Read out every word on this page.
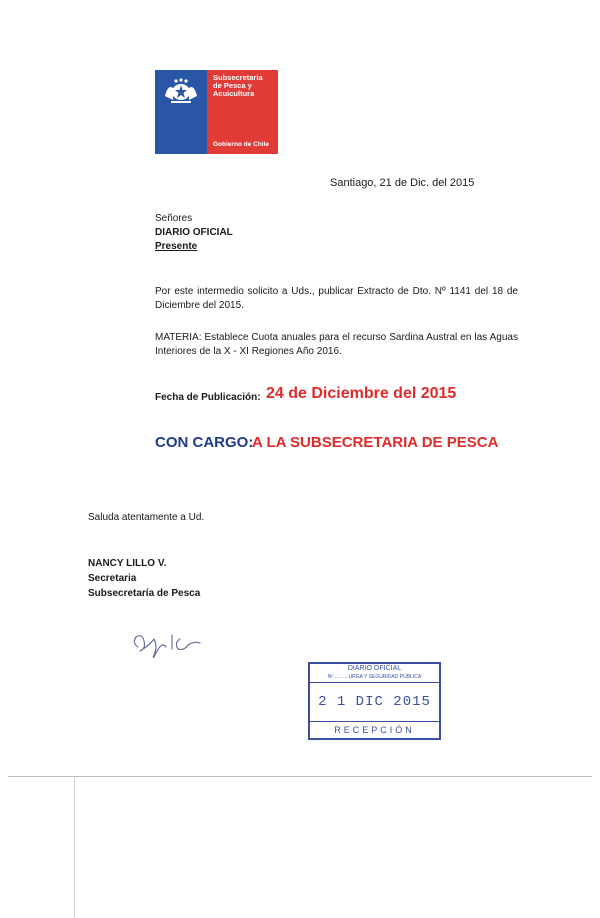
Subsecretaría
de Pesca y
Acuicultura
Gobierno de Chile
Santiago, 21 de Dic. del 2015
Señores
DIARIO OFICIAL
Presente
Por este intermedio solicito a Uds., publicar Extracto de Dto. Nº 1141 del 18 de Diciembre del 2015.
MATERIA: Establece Cuota anuales para el recurso Sardina Austral en las Aguas Interiores de la X - XI Regiones Año 2016.
Fecha de Publicación: 24 de Diciembre del 2015
CON CARGO:
A LA SUBSECRETARIA DE PESCA
Saluda atentamente a Ud.
NANCY LILLO V.
Secretaria
Subsecretaría de Pesca
DIARIO OFICIAL
Nº ...... ...URGA Y SEGURIDAD PÚBLICA
2 1 DIC 2015
RECEPCIÓN
